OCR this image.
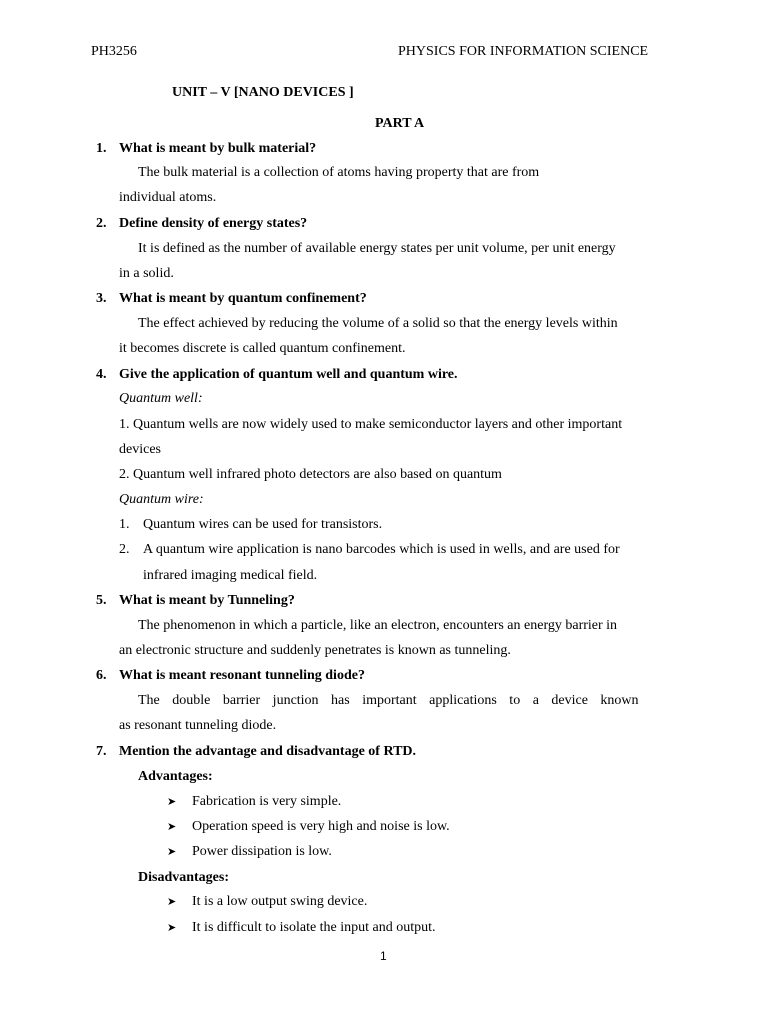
PH3256	PHYSICS FOR INFORMATION SCIENCE
UNIT – V [NANO DEVICES ]
PART A
1. What is meant by bulk material?
The bulk material is a collection of atoms having property that are from
individual atoms.
2. Define density of energy states?
It is defined as the number of available energy states per unit volume, per unit energy
in a solid.
3. What is meant by quantum confinement?
The effect achieved by reducing the volume of a solid so that the energy levels within
it becomes discrete is called quantum confinement.
4. Give the application of quantum well and quantum wire.
Quantum well:
1. Quantum wells are now widely used to make semiconductor layers and other important
devices
2. Quantum well infrared photo detectors are also based on quantum
Quantum wire:
1. Quantum wires can be used for transistors.
2. A quantum wire application is nano barcodes which is used in wells, and are used for
infrared imaging medical field.
5. What is meant by Tunneling?
The phenomenon in which a particle, like an electron, encounters an energy barrier in
an electronic structure and suddenly penetrates is known as tunneling.
6. What is meant resonant tunneling diode?
The double barrier junction has important applications to a device known
as resonant tunneling diode.
7. Mention the advantage and disadvantage of RTD.
Advantages:
➤ Fabrication is very simple.
➤ Operation speed is very high and noise is low.
➤ Power dissipation is low.
Disadvantages:
➤ It is a low output swing device.
➤ It is difficult to isolate the input and output.
1
